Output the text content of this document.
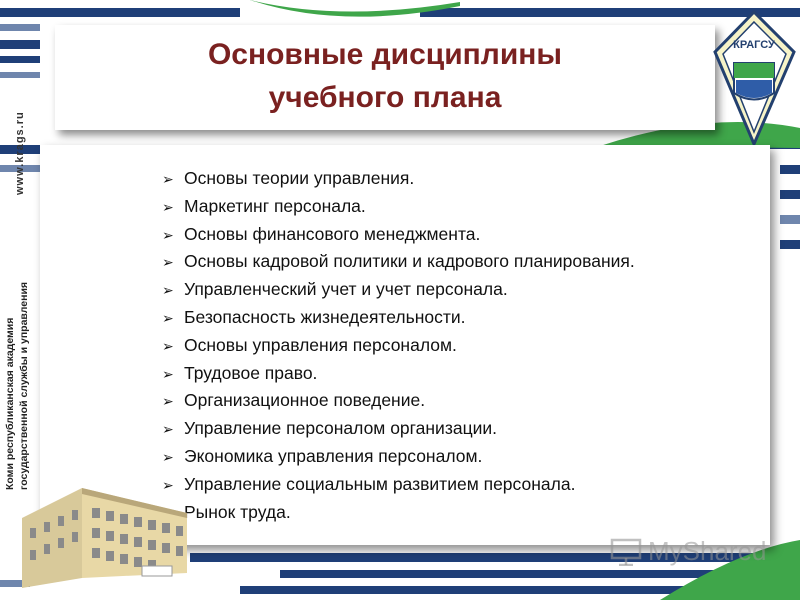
www.krags.ru
Коми республиканская академия государственной службы и управления
Основные дисциплины
учебного плана
КРАГСУ
➢ Основы теории управления.
➢ Маркетинг персонала.
➢ Основы финансового менеджмента.
➢ Основы кадровой политики и кадрового планирования.
➢ Управленческий учет и учет персонала.
➢ Безопасность жизнедеятельности.
➢ Основы управления персоналом.
➢ Трудовое право.
➢ Организационное поведение.
➢ Управление персоналом организации.
➢ Экономика управления персоналом.
➢ Управление социальным развитием персонала.
Рынок труда.
MyShared
